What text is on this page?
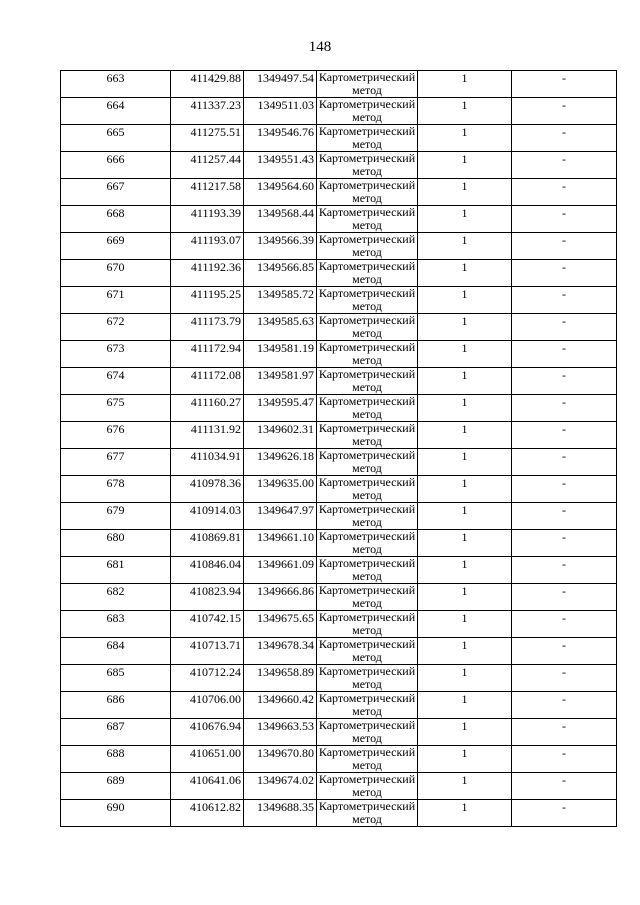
148
663	411429.88	1349497.54	Картометрический метод	1	-

664	411337.23	1349511.03	Картометрический метод	1	-

665	411275.51	1349546.76	Картометрический метод	1	-

666	411257.44	1349551.43	Картометрический метод	1	-

667	411217.58	1349564.60	Картометрический метод	1	-

668	411193.39	1349568.44	Картометрический метод	1	-

669	411193.07	1349566.39	Картометрический метод	1	-

670	411192.36	1349566.85	Картометрический метод	1	-

671	411195.25	1349585.72	Картометрический метод	1	-

672	411173.79	1349585.63	Картометрический метод	1	-

673	411172.94	1349581.19	Картометрический метод	1	-

674	411172.08	1349581.97	Картометрический метод	1	-

675	411160.27	1349595.47	Картометрический метод	1	-

676	411131.92	1349602.31	Картометрический метод	1	-

677	411034.91	1349626.18	Картометрический метод	1	-

678	410978.36	1349635.00	Картометрический метод	1	-

679	410914.03	1349647.97	Картометрический метод	1	-

680	410869.81	1349661.10	Картометрический метод	1	-

681	410846.04	1349661.09	Картометрический метод	1	-

682	410823.94	1349666.86	Картометрический метод	1	-

683	410742.15	1349675.65	Картометрический метод	1	-

684	410713.71	1349678.34	Картометрический метод	1	-

685	410712.24	1349658.89	Картометрический метод	1	-

686	410706.00	1349660.42	Картометрический метод	1	-

687	410676.94	1349663.53	Картометрический метод	1	-

688	410651.00	1349670.80	Картометрический метод	1	-

689	410641.06	1349674.02	Картометрический метод	1	-

690	410612.82	1349688.35	Картометрический метод	1	-
